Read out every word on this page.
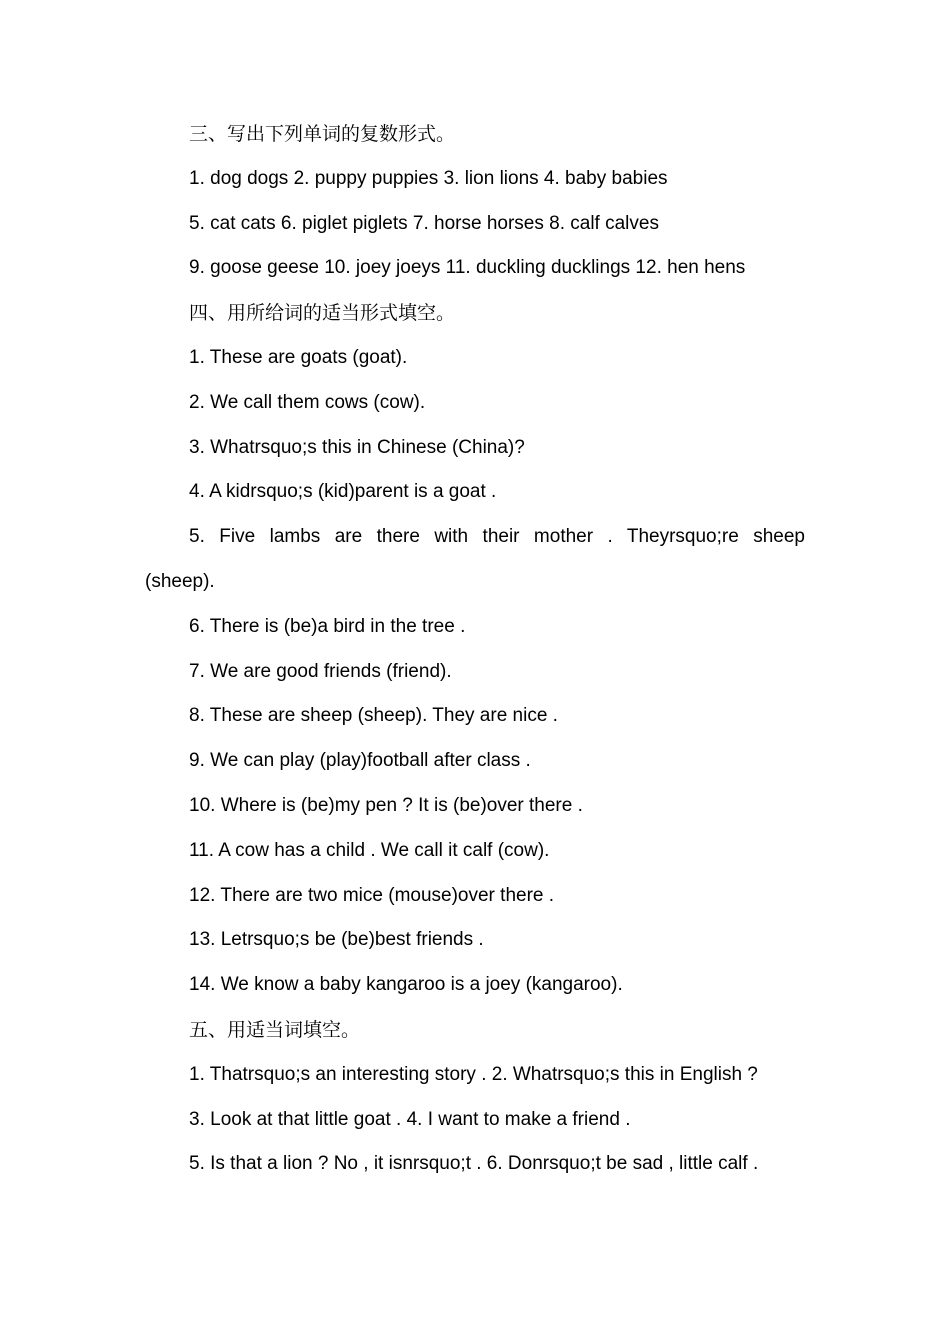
三、写出下列单词的复数形式。

1. dog dogs 2. puppy puppies 3. lion lions 4. baby babies

5. cat cats 6. piglet piglets 7. horse horses 8. calf calves

9. goose geese 10. joey joeys 11. duckling ducklings 12. hen hens

四、用所给词的适当形式填空。

1. These are goats (goat).

2. We call them cows (cow).

3. Whatrsquo;s this in Chinese (China)?

4. A kidrsquo;s (kid)parent is a goat .

5. Five lambs are there with their mother . Theyrsquo;re sheep
(sheep).

6. There is (be)a bird in the tree .

7. We are good friends (friend).

8. These are sheep (sheep). They are nice .

9. We can play (play)football after class .

10. Where is (be)my pen ? It is (be)over there .

11. A cow has a child . We call it calf (cow).

12. There are two mice (mouse)over there .

13. Letrsquo;s be (be)best friends .

14. We know a baby kangaroo is a joey (kangaroo).

五、用适当词填空。

1. Thatrsquo;s an interesting story . 2. Whatrsquo;s this in English ?

3. Look at that little goat . 4. I want to make a friend .

5. Is that a lion ? No , it isnrsquo;t . 6. Donrsquo;t be sad , little calf .
